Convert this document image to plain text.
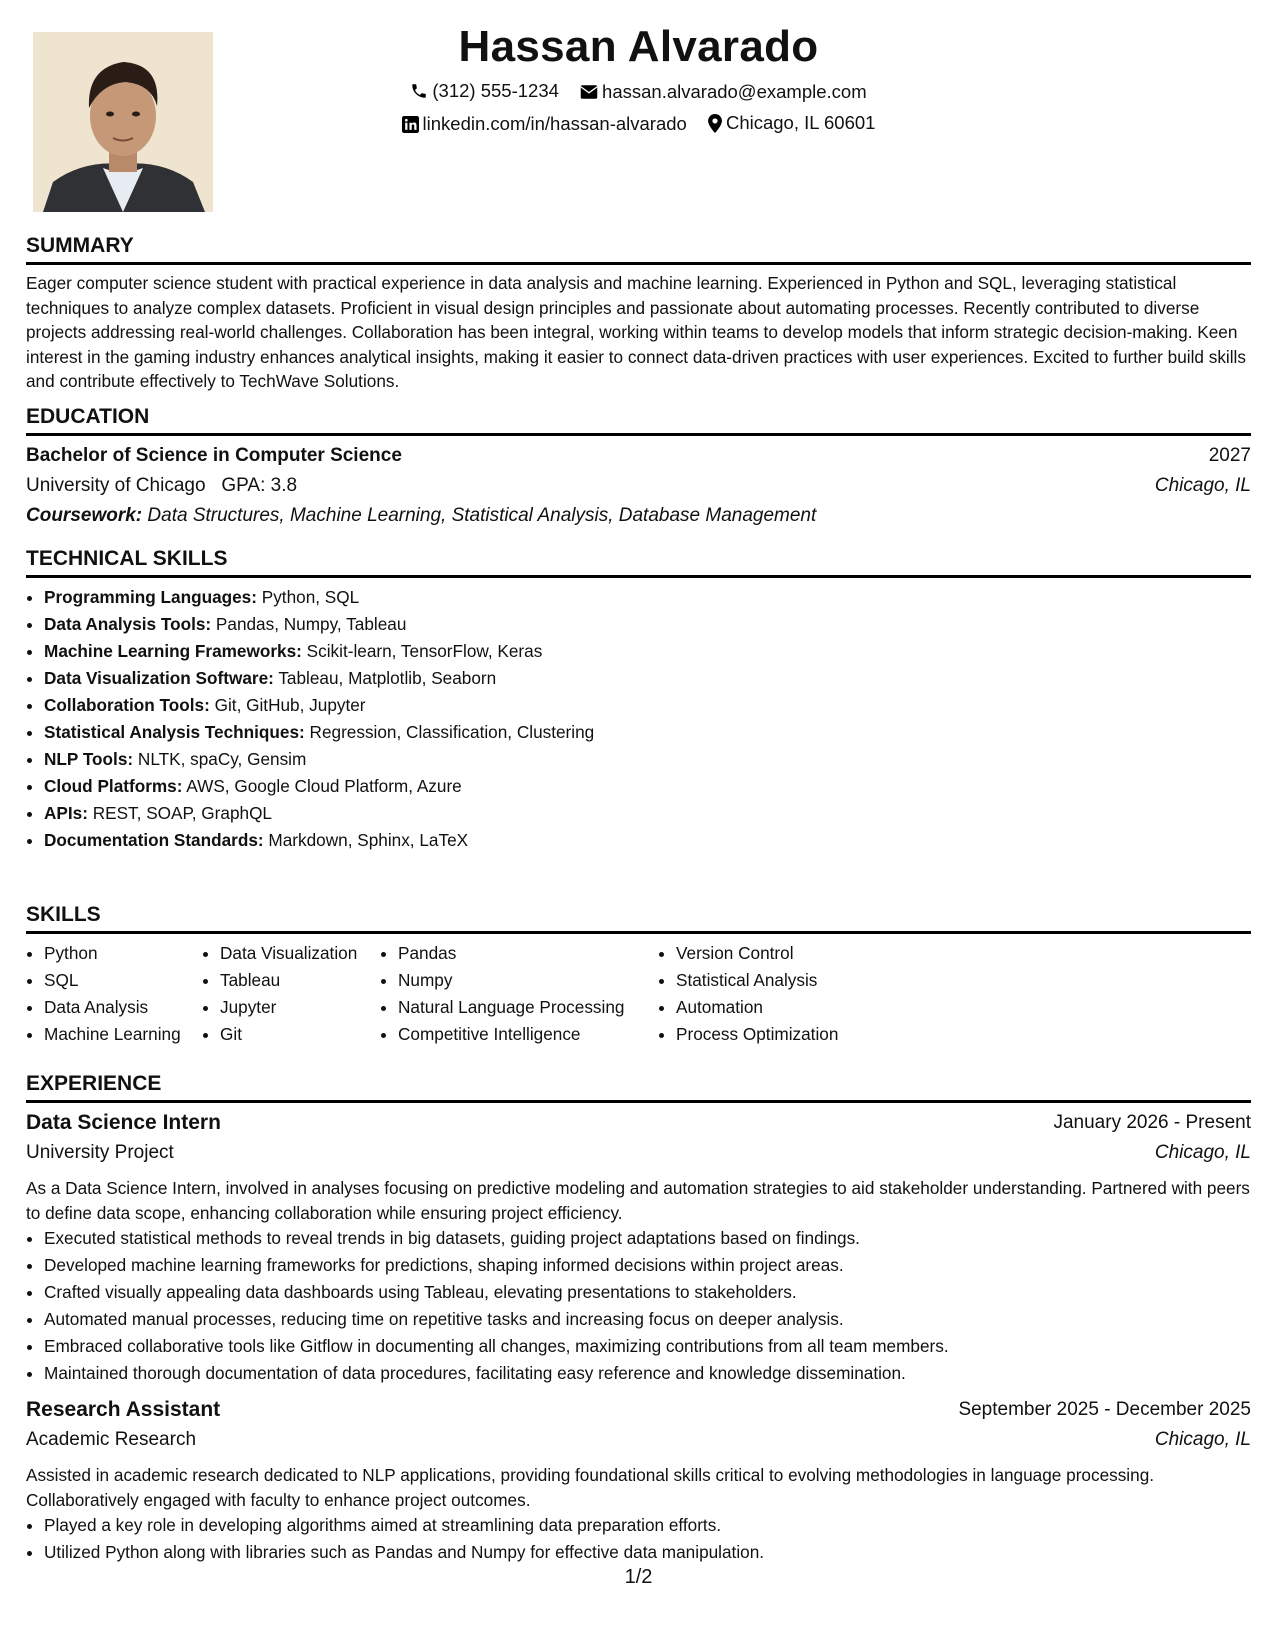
Hassan Alvarado
(312) 555-1234
hassan.alvarado@example.com
linkedin.com/in/hassan-alvarado
Chicago, IL 60601
SUMMARY

Eager computer science student with practical experience in data analysis and machine learning. Experienced in Python and SQL, leveraging statistical techniques to analyze complex datasets. Proficient in visual design principles and passionate about automating processes. Recently contributed to diverse projects addressing real-world challenges. Collaboration has been integral, working within teams to develop models that inform strategic decision-making. Keen interest in the gaming industry enhances analytical insights, making it easier to connect data-driven practices with user experiences. Excited to further build skills and contribute effectively to TechWave Solutions.

EDUCATION
Bachelor of Science in Computer Science	2027
University of Chicago GPA: 3.8	Chicago, IL
Coursework: Data Structures, Machine Learning, Statistical Analysis, Database Management
TECHNICAL SKILLS
• Programming Languages: Python, SQL
• Data Analysis Tools: Pandas, Numpy, Tableau
• Machine Learning Frameworks: Scikit-learn, TensorFlow, Keras
• Data Visualization Software: Tableau, Matplotlib, Seaborn
• Collaboration Tools: Git, GitHub, Jupyter
• Statistical Analysis Techniques: Regression, Classification, Clustering
• NLP Tools: NLTK, spaCy, Gensim
• Cloud Platforms: AWS, Google Cloud Platform, Azure
• APIs: REST, SOAP, GraphQL
• Documentation Standards: Markdown, Sphinx, LaTeX
SKILLS
• Python
• SQL
• Data Analysis
• Machine Learning
• Data Visualization
• Tableau
• Jupyter
• Git
• Pandas
• Numpy
• Natural Language Processing
• Competitive Intelligence
• Version Control
• Statistical Analysis
• Automation
• Process Optimization
EXPERIENCE
Data Science Intern	January 2026 - Present
University Project	Chicago, IL

As a Data Science Intern, involved in analyses focusing on predictive modeling and automation strategies to aid stakeholder understanding. Partnered with peers to define data scope, enhancing collaboration while ensuring project efficiency.

• Executed statistical methods to reveal trends in big datasets, guiding project adaptations based on findings.
• Developed machine learning frameworks for predictions, shaping informed decisions within project areas.
• Crafted visually appealing data dashboards using Tableau, elevating presentations to stakeholders.
• Automated manual processes, reducing time on repetitive tasks and increasing focus on deeper analysis.
• Embraced collaborative tools like Gitflow in documenting all changes, maximizing contributions from all team members.
• Maintained thorough documentation of data procedures, facilitating easy reference and knowledge dissemination.
Research Assistant	September 2025 - December 2025
Academic Research	Chicago, IL

Assisted in academic research dedicated to NLP applications, providing foundational skills critical to evolving methodologies in language processing. Collaboratively engaged with faculty to enhance project outcomes.

• Played a key role in developing algorithms aimed at streamlining data preparation efforts.
• Utilized Python along with libraries such as Pandas and Numpy for effective data manipulation.
1/2
